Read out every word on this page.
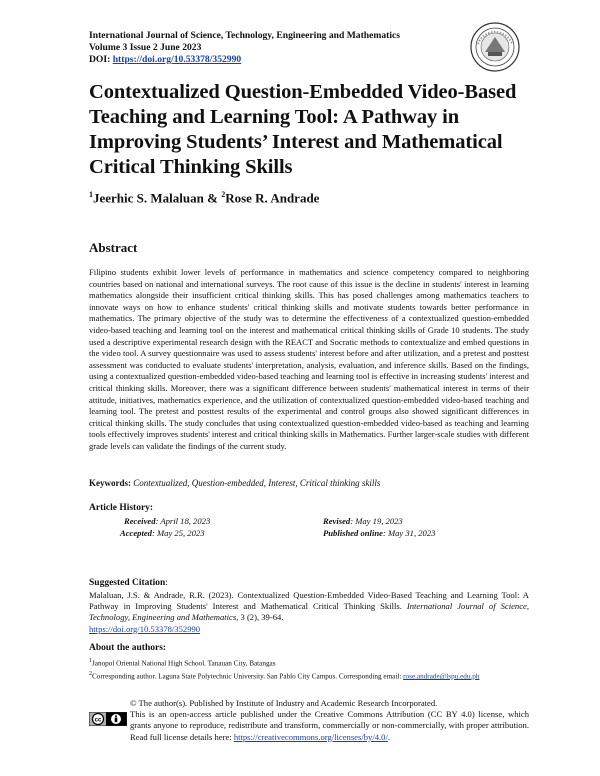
International Journal of Science, Technology, Engineering and Mathematics
Volume 3 Issue 2 June 2023
DOI: https://doi.org/10.53378/352990
Contextualized Question-Embedded Video-Based Teaching and Learning Tool: A Pathway in Improving Students’ Interest and Mathematical Critical Thinking Skills
$^1$Jeerhic S. Malaluan & $^2$Rose R. Andrade
Abstract
Filipino students exhibit lower levels of performance in mathematics and science competency compared to neighboring countries based on national and international surveys. The root cause of this issue is the decline in students' interest in learning mathematics alongside their insufficient critical thinking skills. This has posed challenges among mathematics teachers to innovate ways on how to enhance students' critical thinking skills and motivate students towards better performance in mathematics. The primary objective of the study was to determine the effectiveness of a contextualized question-embedded video-based teaching and learning tool on the interest and mathematical critical thinking skills of Grade 10 students. The study used a descriptive experimental research design with the REACT and Socratic methods to contextualize and embed questions in the video tool. A survey questionnaire was used to assess students' interest before and after utilization, and a pretest and posttest assessment was conducted to evaluate students' interpretation, analysis, evaluation, and inference skills. Based on the findings, using a contextualized question-embedded video-based teaching and learning tool is effective in increasing students' interest and critical thinking skills. Moreover, there was a significant difference between students' mathematical interest in terms of their attitude, initiatives, mathematics experience, and the utilization of contextualized question-embedded video-based teaching and learning tool. The pretest and posttest results of the experimental and control groups also showed significant differences in critical thinking skills. The study concludes that using contextualized question-embedded video-based as teaching and learning tools effectively improves students' interest and critical thinking skills in Mathematics. Further larger-scale studies with different grade levels can validate the findings of the current study.
Keywords: Contextualized, Question-embedded, Interest, Critical thinking skills
Article History:
Received: April 18, 2023	Revised: May 19, 2023
Accepted: May 25, 2023	Published online: May 31, 2023
Suggested Citation:
Malaluan, J.S. & Andrade, R.R. (2023). Contextualized Question-Embedded Video-Based Teaching and Learning Tool: A Pathway in Improving Students' Interest and Mathematical Critical Thinking Skills. International Journal of Science, Technology, Engineering and Mathematics, 3 (2), 39-64.
https://doi.org/10.53378/352990
About the authors:
$^1$Janopol Oriental National High School. Tanauan City, Batangas
$^2$Corresponding author. Laguna State Polytechnic University. San Pablo City Campus. Corresponding email: rose.andrade@lspu.edu.ph
cc
© The author(s). Published by Institute of Industry and Academic Research Incorporated.
This is an open-access article published under the Creative Commons Attribution (CC BY 4.0) license, which grants anyone to reproduce, redistribute and transform, commercially or non-commercially, with proper attribution. Read full license details here: https://creativecommons.org/licenses/by/4.0/.
